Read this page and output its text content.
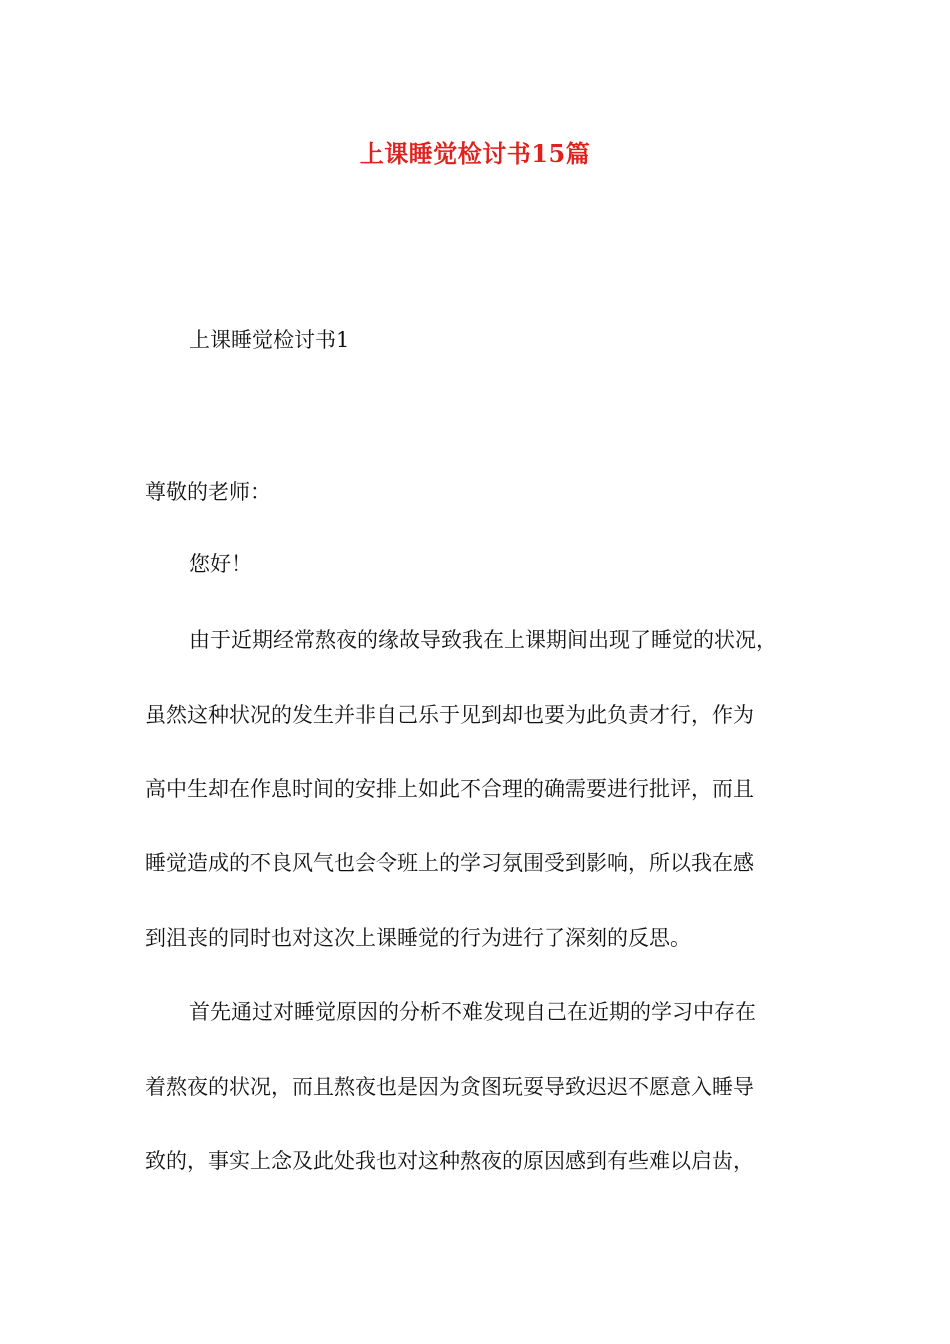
上课睡觉检讨书15篇
上课睡觉检讨书1
尊敬的老师：
您好！
由于近期经常熬夜的缘故导致我在上课期间出现了睡觉的状况，
虽然这种状况的发生并非自己乐于见到却也要为此负责才行，作为
高中生却在作息时间的安排上如此不合理的确需要进行批评，而且
睡觉造成的不良风气也会令班上的学习氛围受到影响，所以我在感
到沮丧的同时也对这次上课睡觉的行为进行了深刻的反思。
首先通过对睡觉原因的分析不难发现自己在近期的学习中存在
着熬夜的状况，而且熬夜也是因为贪图玩耍导致迟迟不愿意入睡导
致的，事实上念及此处我也对这种熬夜的原因感到有些难以启齿，
